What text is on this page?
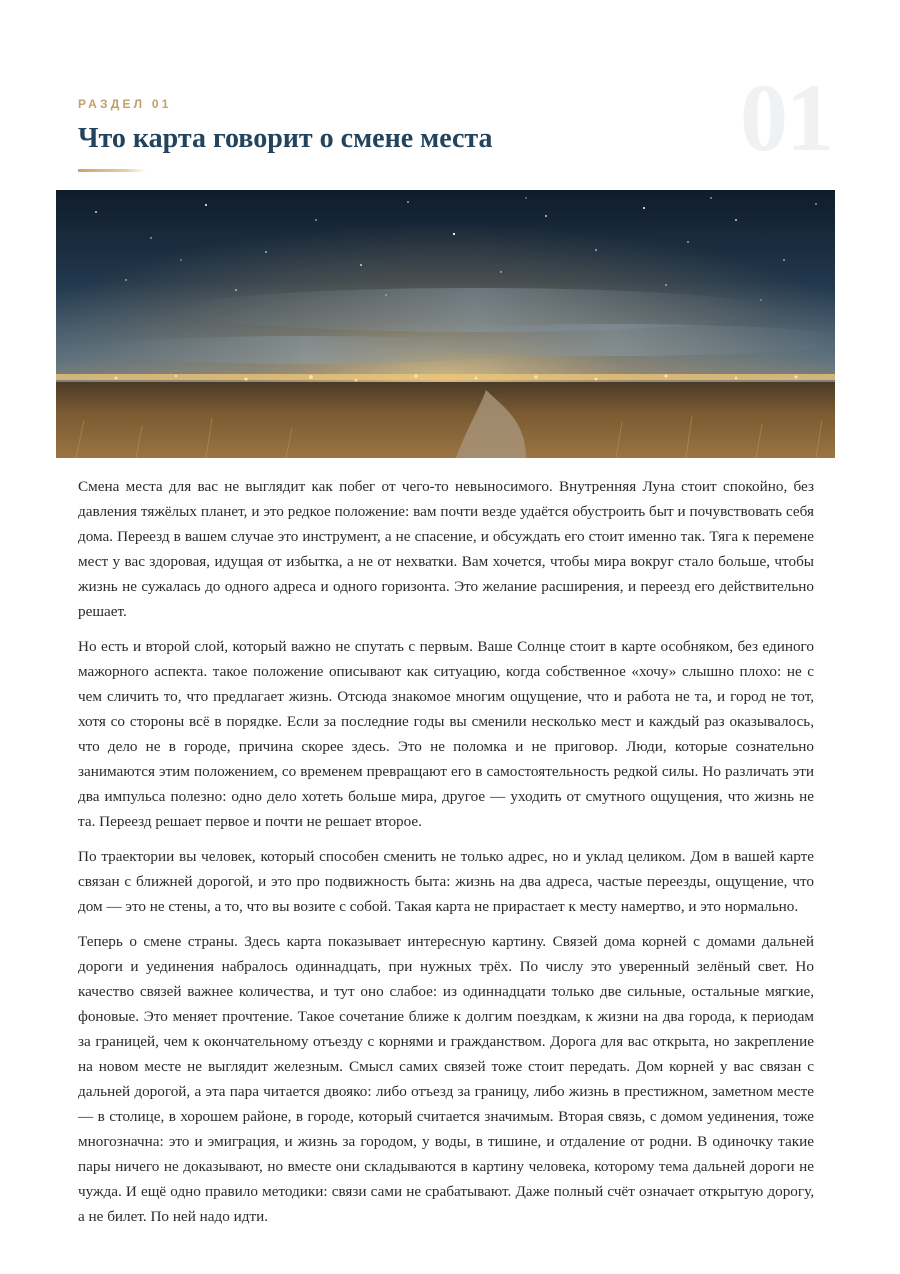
01
РАЗДЕЛ 01
Что карта говорит о смене места

Смена места для вас не выглядит как побег от чего-то невыносимого. Внутренняя Луна стоит спокойно, без давления тяжёлых планет, и это редкое положение: вам почти везде удаётся обустроить быт и почувствовать себя дома. Переезд в вашем случае это инструмент, а не спасение, и обсуждать его стоит именно так. Тяга к перемене мест у вас здоровая, идущая от избытка, а не от нехватки. Вам хочется, чтобы мира вокруг стало больше, чтобы жизнь не сужалась до одного адреса и одного горизонта. Это желание расширения, и переезд его действительно решает.

Но есть и второй слой, который важно не спутать с первым. Ваше Солнце стоит в карте особняком, без единого мажорного аспекта. такое положение описывают как ситуацию, когда собственное «хочу» слышно плохо: не с чем сличить то, что предлагает жизнь. Отсюда знакомое многим ощущение, что и работа не та, и город не тот, хотя со стороны всё в порядке. Если за последние годы вы сменили несколько мест и каждый раз оказывалось, что дело не в городе, причина скорее здесь. Это не поломка и не приговор. Люди, которые сознательно занимаются этим положением, со временем превращают его в самостоятельность редкой силы. Но различать эти два импульса полезно: одно дело хотеть больше мира, другое — уходить от смутного ощущения, что жизнь не та. Переезд решает первое и почти не решает второе.

По траектории вы человек, который способен сменить не только адрес, но и уклад целиком. Дом в вашей карте связан с ближней дорогой, и это про подвижность быта: жизнь на два адреса, частые переезды, ощущение, что дом — это не стены, а то, что вы возите с собой. Такая карта не прирастает к месту намертво, и это нормально.

Теперь о смене страны. Здесь карта показывает интересную картину. Связей дома корней с домами дальней дороги и уединения набралось одиннадцать, при нужных трёх. По числу это уверенный зелёный свет. Но качество связей важнее количества, и тут оно слабое: из одиннадцати только две сильные, остальные мягкие, фоновые. Это меняет прочтение. Такое сочетание ближе к долгим поездкам, к жизни на два города, к периодам за границей, чем к окончательному отъезду с корнями и гражданством. Дорога для вас открыта, но закрепление на новом месте не выглядит железным. Смысл самих связей тоже стоит передать. Дом корней у вас связан с дальней дорогой, а эта пара читается двояко: либо отъезд за границу, либо жизнь в престижном, заметном месте — в столице, в хорошем районе, в городе, который считается значимым. Вторая связь, с домом уединения, тоже многозначна: это и эмиграция, и жизнь за городом, у воды, в тишине, и отдаление от родни. В одиночку такие пары ничего не доказывают, но вместе они складываются в картину человека, которому тема дальней дороги не чужда. И ещё одно правило методики: связи сами не срабатывают. Даже полный счёт означает открытую дорогу, а не билет. По ней надо идти.
